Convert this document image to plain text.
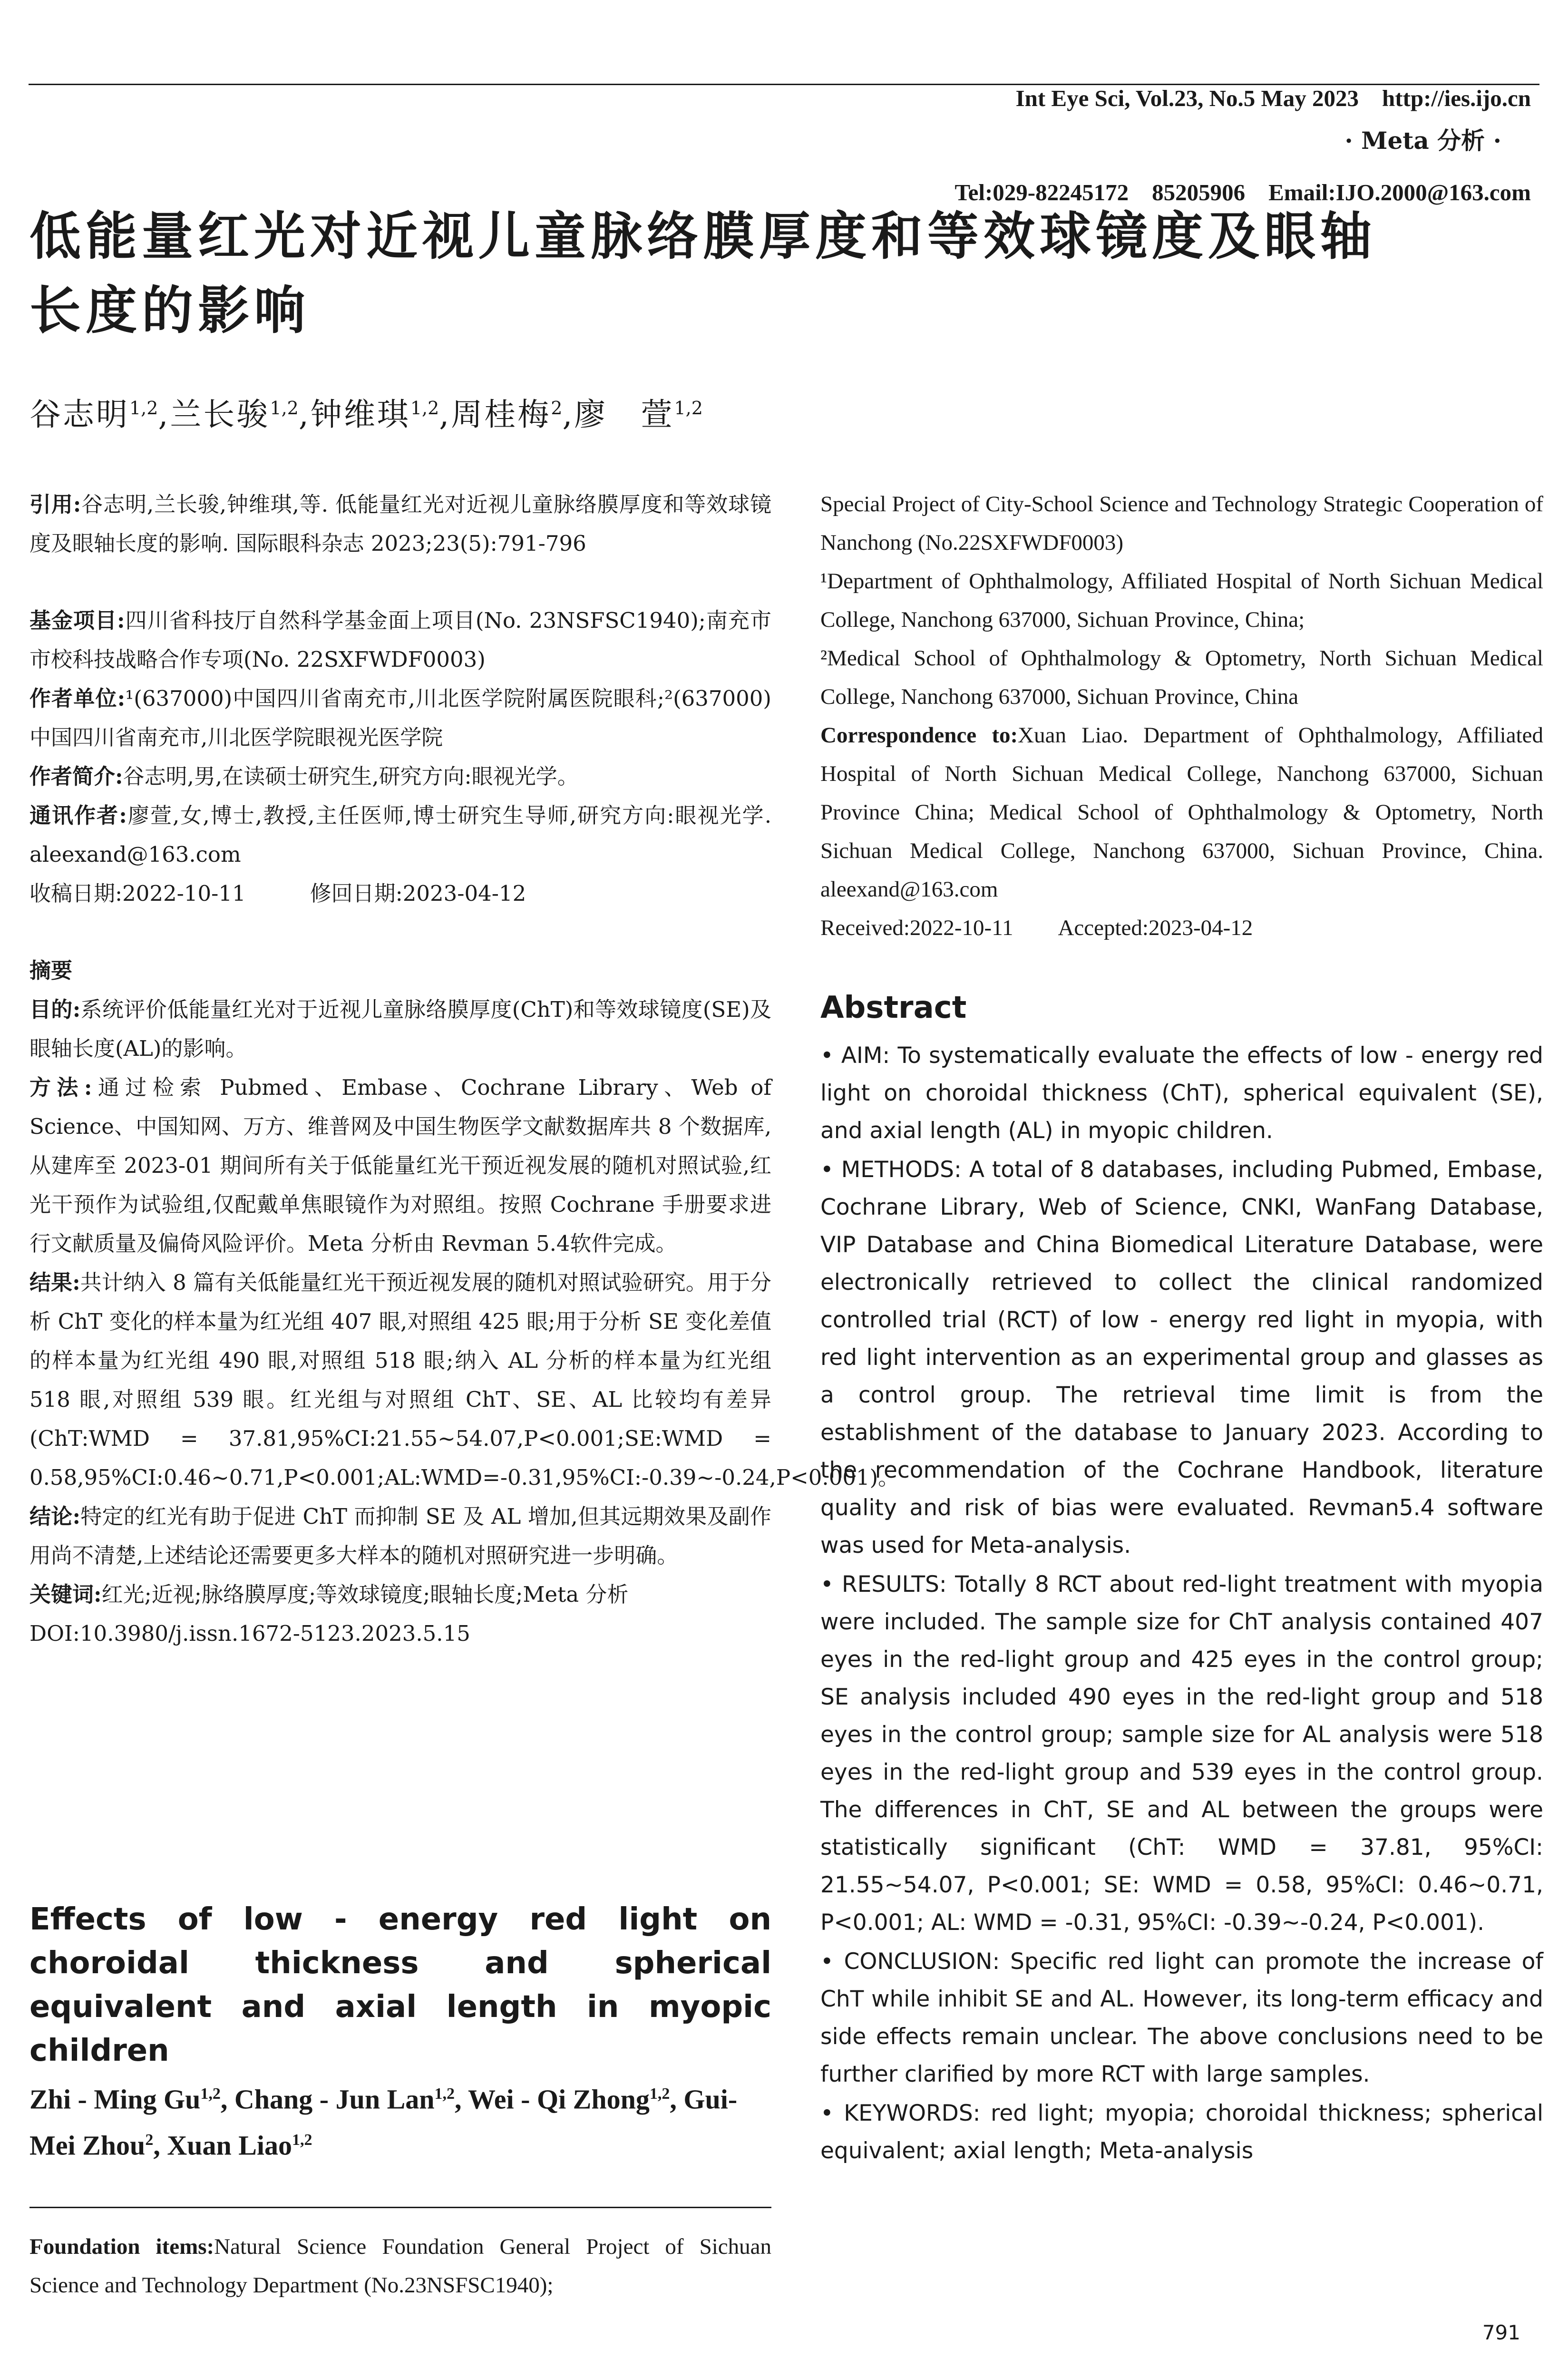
Int Eye Sci, Vol.23, No.5 May 2023    http://ies.ijo.cn

Tel:029-82245172    85205906    Email:IJO.2000@163.com

· Meta 分析 ·
低能量红光对近视儿童脉络膜厚度和等效球镜度及眼轴
长度的影响
谷志明$^{1,2}$,兰长骏$^{1,2}$,钟维琪$^{1,2}$,周桂梅$^2$,廖　萱$^{1,2}$

引用:谷志明,兰长骏,钟维琪,等. 低能量红光对近视儿童脉络膜厚度和等效球镜度及眼轴长度的影响. 国际眼科杂志 2023;23(5):791-796

基金项目:四川省科技厅自然科学基金面上项目(No. 23NSFSC1940);南充市市校科技战略合作专项(No. 22SXFWDF0003)

作者单位:¹(637000)中国四川省南充市,川北医学院附属医院眼科;²(637000)中国四川省南充市,川北医学院眼视光医学院

作者简介:谷志明,男,在读硕士研究生,研究方向:眼视光学。

通讯作者:廖萱,女,博士,教授,主任医师,博士研究生导师,研究方向:眼视光学. aleexand@163.com

收稿日期:2022-10-11　　　修回日期:2023-04-12

摘要

目的:系统评价低能量红光对于近视儿童脉络膜厚度(ChT)和等效球镜度(SE)及眼轴长度(AL)的影响。

方法:通过检索 Pubmed、Embase、Cochrane Library、Web of Science、中国知网、万方、维普网及中国生物医学文献数据库共 8 个数据库,从建库至 2023-01 期间所有关于低能量红光干预近视发展的随机对照试验,红光干预作为试验组,仅配戴单焦眼镜作为对照组。按照 Cochrane 手册要求进行文献质量及偏倚风险评价。Meta 分析由 Revman 5.4软件完成。

结果:共计纳入 8 篇有关低能量红光干预近视发展的随机对照试验研究。用于分析 ChT 变化的样本量为红光组 407 眼,对照组 425 眼;用于分析 SE 变化差值的样本量为红光组 490 眼,对照组 518 眼;纳入 AL 分析的样本量为红光组 518 眼,对照组 539 眼。红光组与对照组 ChT、SE、AL 比较均有差异(ChT:WMD = 37.81,95%CI:21.55~54.07,P<0.001;SE:WMD = 0.58,95%CI:0.46~0.71,P<0.001;AL:WMD=-0.31,95%CI:-0.39~-0.24,P<0.001)。

结论:特定的红光有助于促进 ChT 而抑制 SE 及 AL 增加,但其远期效果及副作用尚不清楚,上述结论还需要更多大样本的随机对照研究进一步明确。

关键词:红光;近视;脉络膜厚度;等效球镜度;眼轴长度;Meta 分析

DOI:10.3980/j.issn.1672-5123.2023.5.15

Effects of low - energy red light on choroidal thickness and spherical equivalent and axial length in myopic children
Zhi - Ming Gu$^{1,2}$, Chang - Jun Lan$^{1,2}$, Wei - Qi Zhong$^{1,2}$, Gui-Mei Zhou$^2$, Xuan Liao$^{1,2}$

Foundation items:Natural Science Foundation General Project of Sichuan Science and Technology Department (No.23NSFSC1940);

Special Project of City-School Science and Technology Strategic Cooperation of Nanchong (No.22SXFWDF0003)

¹Department of Ophthalmology, Affiliated Hospital of North Sichuan Medical College, Nanchong 637000, Sichuan Province, China;

²Medical School of Ophthalmology & Optometry, North Sichuan Medical College, Nanchong 637000, Sichuan Province, China

Correspondence to:Xuan Liao. Department of Ophthalmology, Affiliated Hospital of North Sichuan Medical College, Nanchong 637000, Sichuan Province China; Medical School of Ophthalmology & Optometry, North Sichuan Medical College, Nanchong 637000, Sichuan Province, China. aleexand@163.com

Received:2022-10-11　　Accepted:2023-04-12

Abstract

• AIM: To systematically evaluate the effects of low - energy red light on choroidal thickness (ChT), spherical equivalent (SE), and axial length (AL) in myopic children.

• METHODS: A total of 8 databases, including Pubmed, Embase, Cochrane Library, Web of Science, CNKI, WanFang Database, VIP Database and China Biomedical Literature Database, were electronically retrieved to collect the clinical randomized controlled trial (RCT) of low - energy red light in myopia, with red light intervention as an experimental group and glasses as a control group. The retrieval time limit is from the establishment of the database to January 2023. According to the recommendation of the Cochrane Handbook, literature quality and risk of bias were evaluated. Revman5.4 software was used for Meta-analysis.

• RESULTS: Totally 8 RCT about red-light treatment with myopia were included. The sample size for ChT analysis contained 407 eyes in the red-light group and 425 eyes in the control group; SE analysis included 490 eyes in the red-light group and 518 eyes in the control group; sample size for AL analysis were 518 eyes in the red-light group and 539 eyes in the control group. The differences in ChT, SE and AL between the groups were statistically significant (ChT: WMD = 37.81, 95%CI: 21.55~54.07, P<0.001; SE: WMD = 0.58, 95%CI: 0.46~0.71, P<0.001; AL: WMD = -0.31, 95%CI: -0.39~-0.24, P<0.001).

• CONCLUSION: Specific red light can promote the increase of ChT while inhibit SE and AL. However, its long-term efficacy and side effects remain unclear. The above conclusions need to be further clarified by more RCT with large samples.

• KEYWORDS: red light; myopia; choroidal thickness; spherical equivalent; axial length; Meta-analysis

791
